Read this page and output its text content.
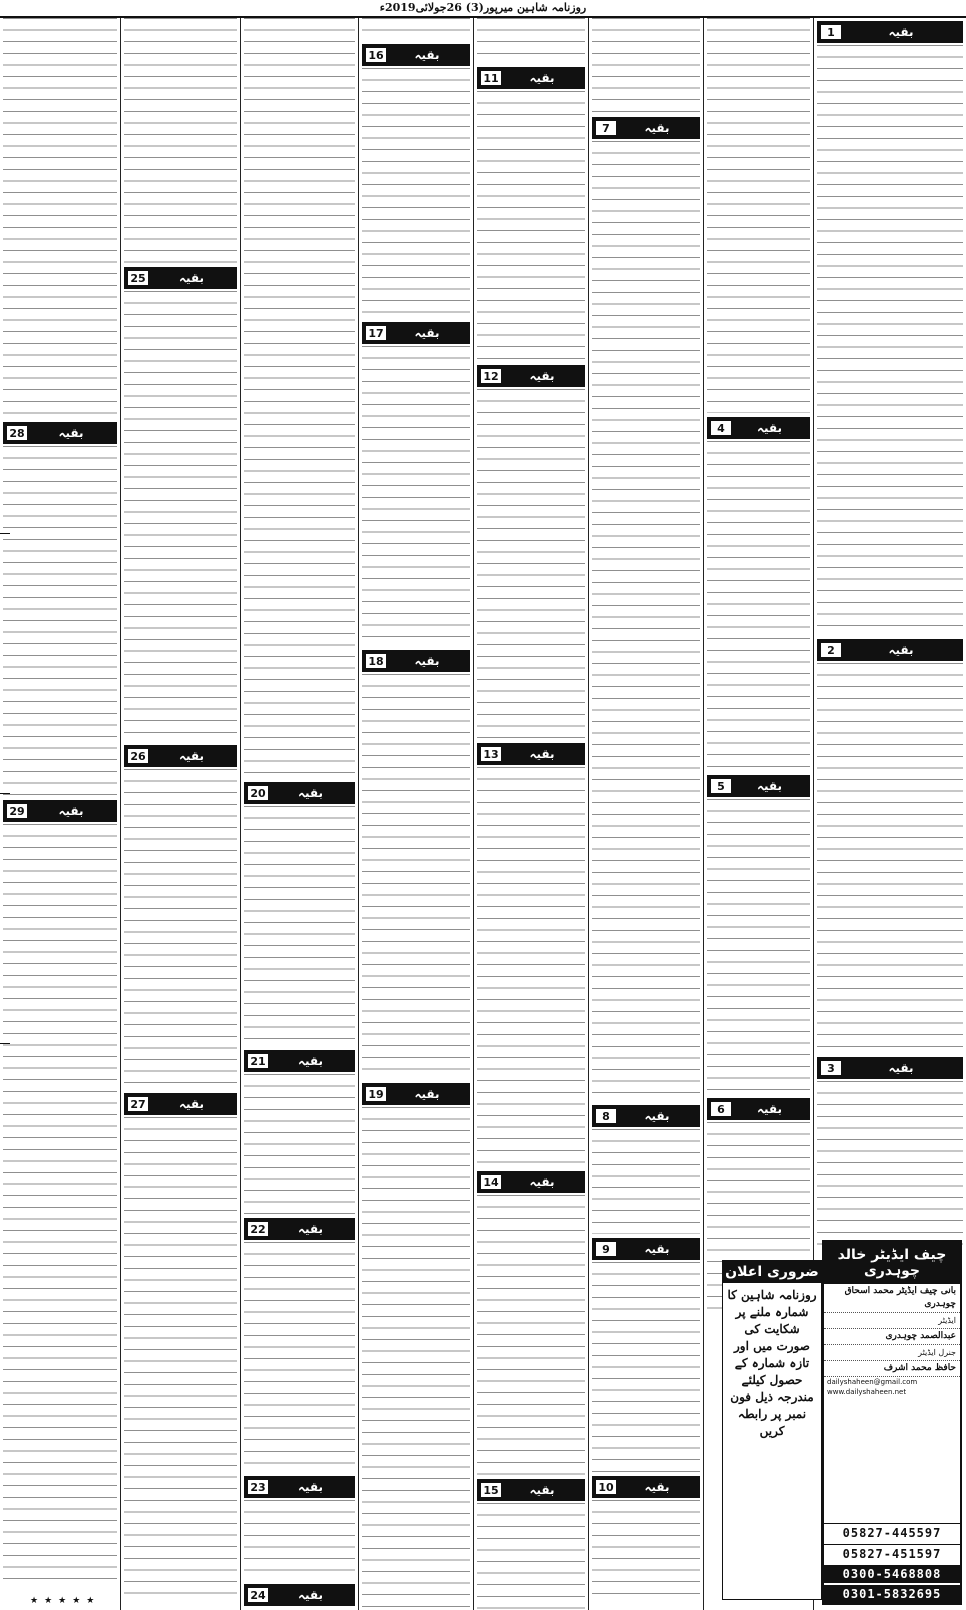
روزنامہ شاہین میرپور(3) 26جولائی2019ء
بقیہ
28
بقیہ
29
بقیہ
25
بقیہ
26
بقیہ
27
بقیہ
20
بقیہ
21
بقیہ
22
بقیہ
23
بقیہ
24
بقیہ
16
بقیہ
17
بقیہ
18
بقیہ
19
بقیہ
11
بقیہ
12
بقیہ
13
بقیہ
14
بقیہ
15
بقیہ
7
بقیہ
8
بقیہ
9
بقیہ
10
بقیہ
4
بقیہ
5
بقیہ
6
بقیہ
1
بقیہ
2
بقیہ
3
★★★★★
ضروری اعلان
روزنامہ شاہین کا شمارہ ملنے پر شکایت کی صورت میں اور تازہ شمارہ کے حصول کیلئے مندرجہ ذیل فون نمبر پر رابطہ کریں
چیف ایڈیٹر خالد چوہدری
بانی چیف ایڈیٹر محمد اسحاق چوہدری
ایڈیٹر
عبدالصمد چوہدری
جنرل ایڈیٹر
حافظ محمد اشرف
dailyshaheen@gmail.com
www.dailyshaheen.net
05827-445597
05827-451597
0300-5468808
0301-5832695
